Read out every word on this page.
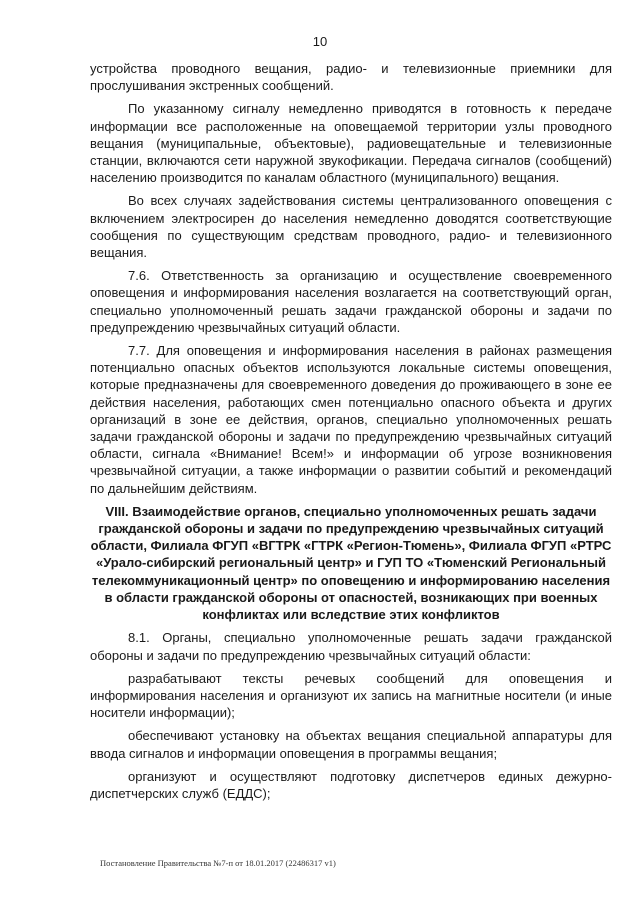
10

устройства проводного вещания, радио- и телевизионные приемники для прослушивания экстренных сообщений.

По указанному сигналу немедленно приводятся в готовность к передаче информации все расположенные на оповещаемой территории узлы проводного вещания (муниципальные, объектовые), радиовещательные и телевизионные станции, включаются сети наружной звукофикации. Передача сигналов (сообщений) населению производится по каналам областного (муниципального) вещания.

Во всех случаях задействования системы централизованного оповещения с включением электросирен до населения немедленно доводятся соответствующие сообщения по существующим средствам проводного, радио- и телевизионного вещания.

7.6. Ответственность за организацию и осуществление своевременного оповещения и информирования населения возлагается на соответствующий орган, специально уполномоченный решать задачи гражданской обороны и задачи по предупреждению чрезвычайных ситуаций области.

7.7. Для оповещения и информирования населения в районах размещения потенциально опасных объектов используются локальные системы оповещения, которые предназначены для своевременного доведения до проживающего в зоне ее действия населения, работающих смен потенциально опасного объекта и других организаций в зоне ее действия, органов, специально уполномоченных решать задачи гражданской обороны и задачи по предупреждению чрезвычайных ситуаций области, сигнала «Внимание! Всем!» и информации об угрозе возникновения чрезвычайной ситуации, а также информации о развитии событий и рекомендаций по дальнейшим действиям.

VIII. Взаимодействие органов, специально уполномоченных решать задачи гражданской обороны и задачи по предупреждению чрезвычайных ситуаций области, Филиала ФГУП «ВГТРК «ГТРК «Регион-Тюмень», Филиала ФГУП «РТРС «Урало-сибирский региональный центр» и ГУП ТО «Тюменский Региональный телекоммуникационный центр» по оповещению и информированию населения в области гражданской обороны от опасностей, возникающих при военных конфликтах или вследствие этих конфликтов

8.1. Органы, специально уполномоченные решать задачи гражданской обороны и задачи по предупреждению чрезвычайных ситуаций области:

разрабатывают тексты речевых сообщений для оповещения и информирования населения и организуют их запись на магнитные носители (и иные носители информации);

обеспечивают установку на объектах вещания специальной аппаратуры для ввода сигналов и информации оповещения в программы вещания;

организуют и осуществляют подготовку диспетчеров единых дежурно-диспетчерских служб (ЕДДС);

Постановление Правительства №7-п от 18.01.2017 (22486317 v1)
